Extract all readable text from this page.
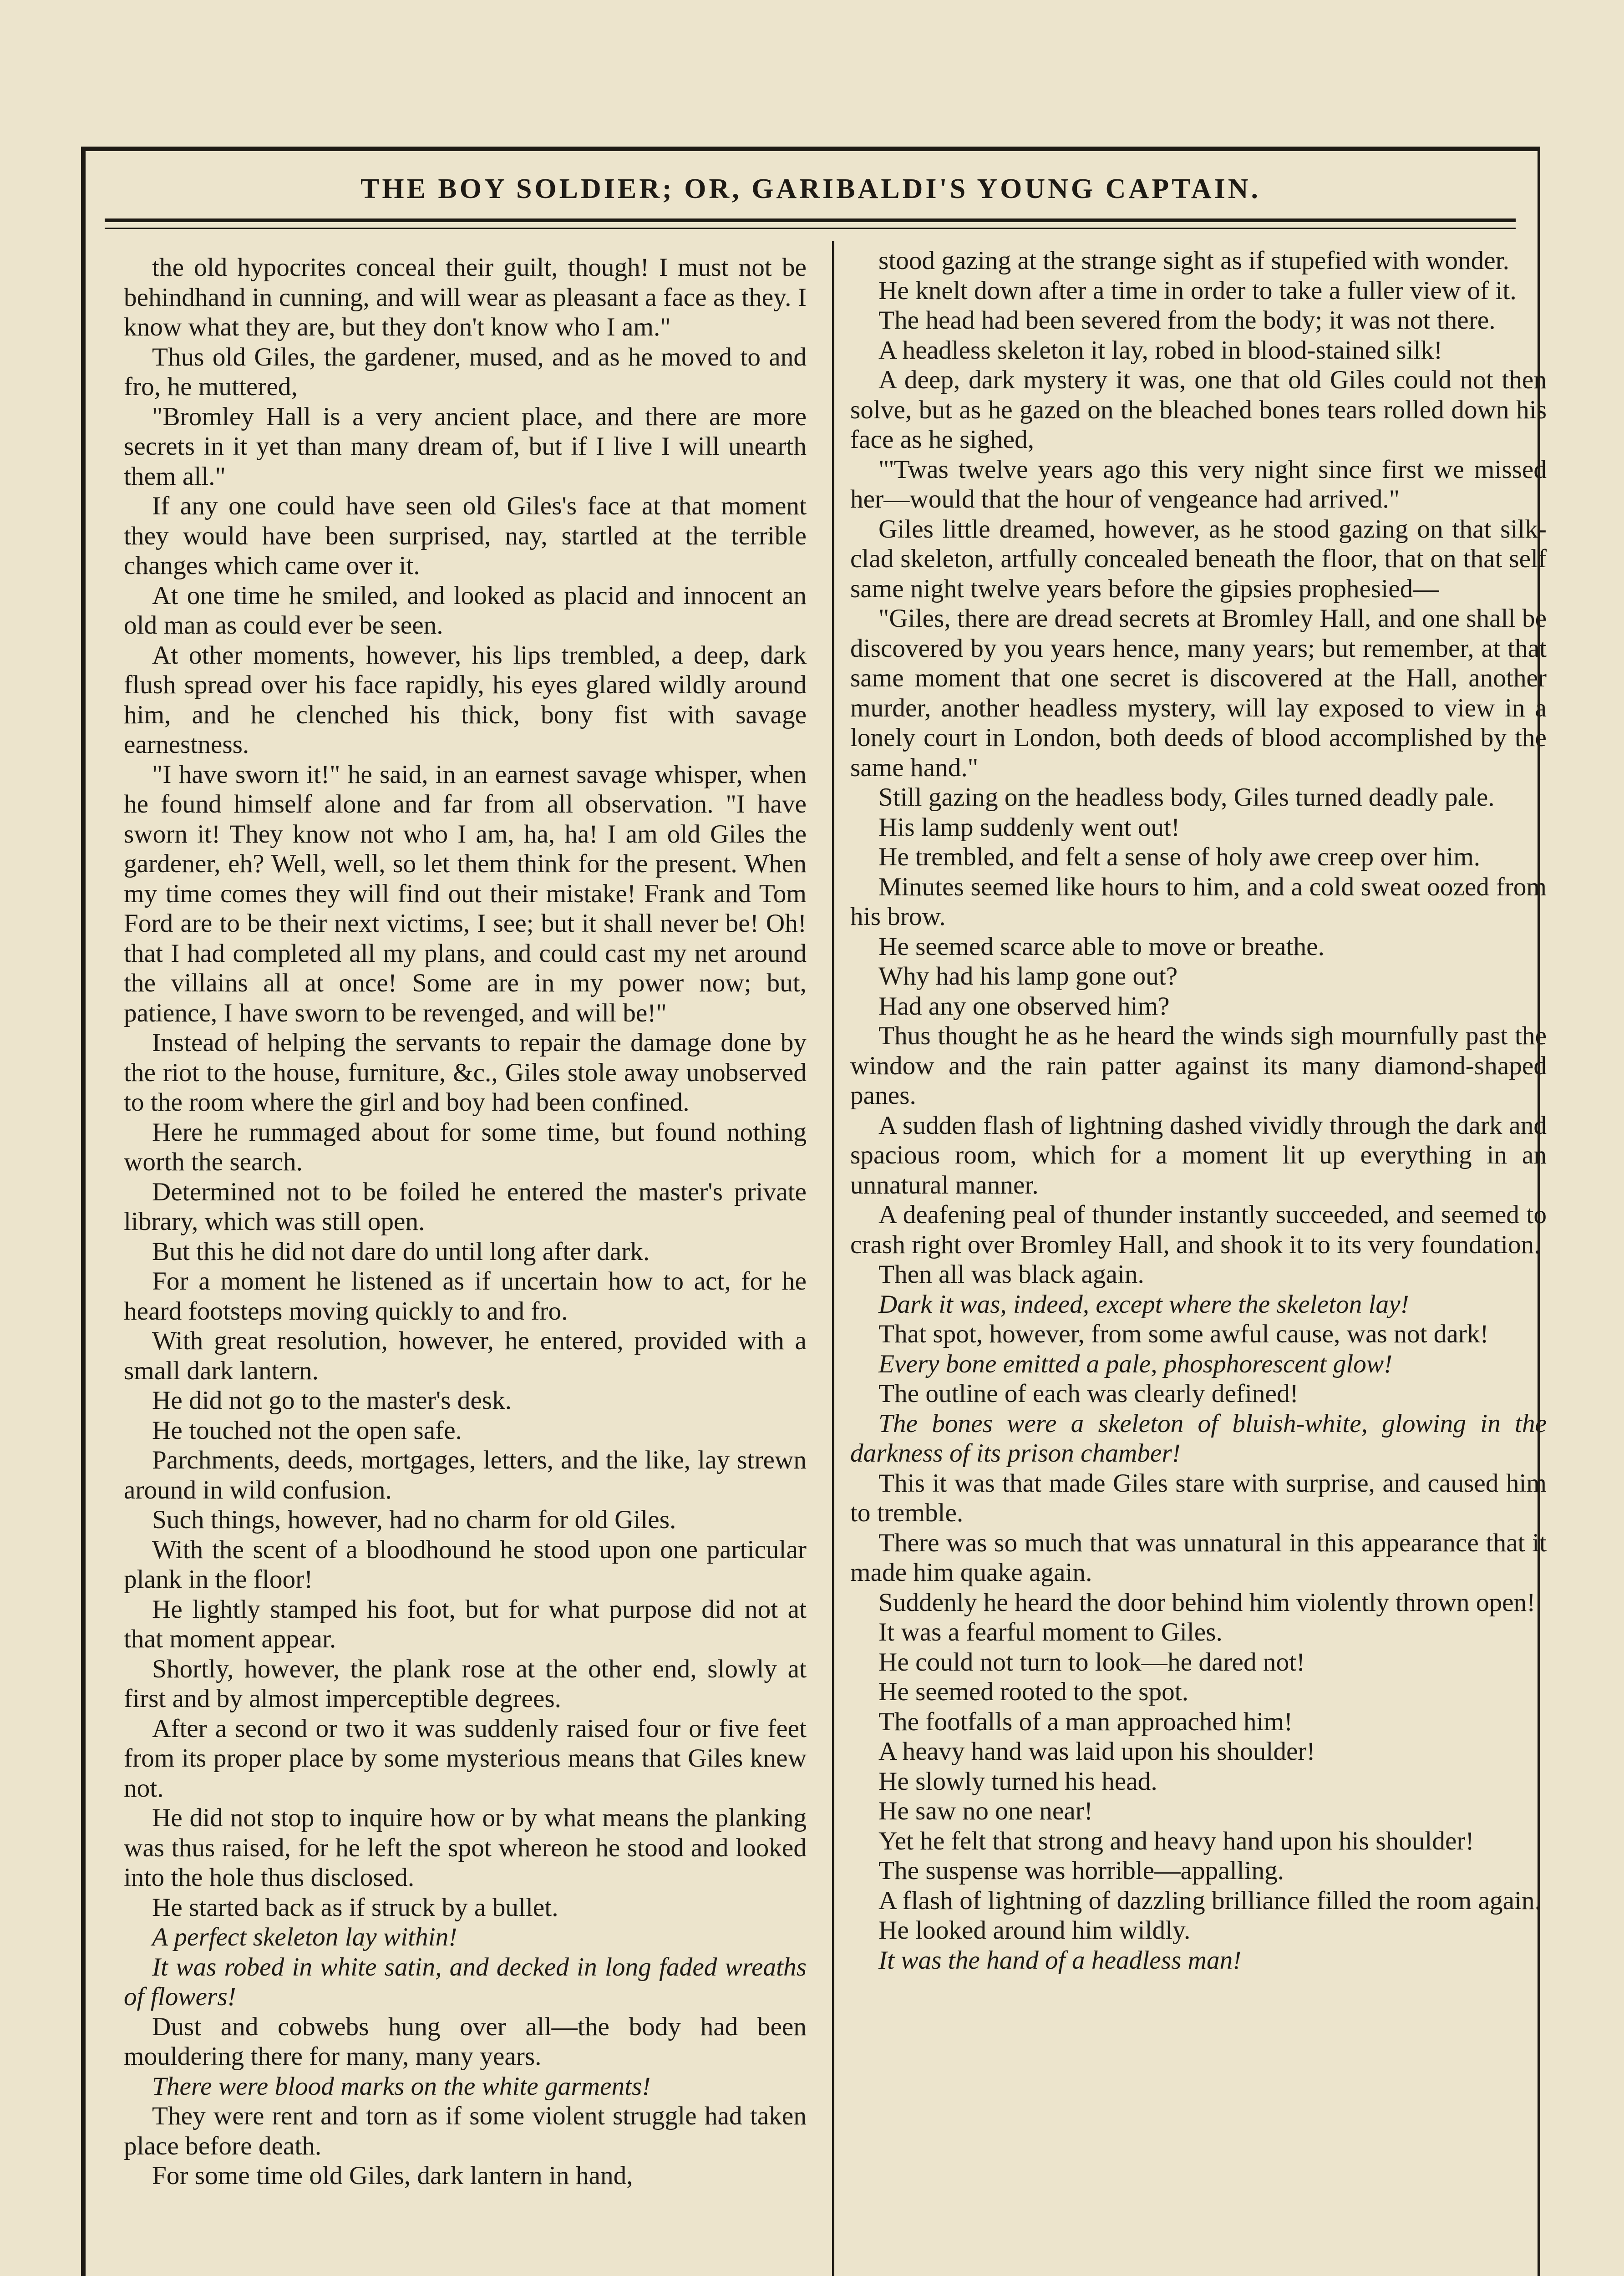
THE BOY SOLDIER; OR, GARIBALDI'S YOUNG CAPTAIN.

the old hypocrites conceal their guilt, though! I must not be behindhand in cunning, and will wear as pleasant a face as they. I know what they are, but they don't know who I am."

Thus old Giles, the gardener, mused, and as he moved to and fro, he muttered,

"Bromley Hall is a very ancient place, and there are more secrets in it yet than many dream of, but if I live I will unearth them all."

If any one could have seen old Giles's face at that moment they would have been surprised, nay, startled at the terrible changes which came over it.

At one time he smiled, and looked as placid and innocent an old man as could ever be seen.

At other moments, however, his lips trembled, a deep, dark flush spread over his face rapidly, his eyes glared wildly around him, and he clenched his thick, bony fist with savage earnestness.

"I have sworn it!" he said, in an earnest savage whisper, when he found himself alone and far from all observation. "I have sworn it! They know not who I am, ha, ha! I am old Giles the gardener, eh? Well, well, so let them think for the present. When my time comes they will find out their mistake! Frank and Tom Ford are to be their next victims, I see; but it shall never be! Oh! that I had completed all my plans, and could cast my net around the villains all at once! Some are in my power now; but, patience, I have sworn to be revenged, and will be!"

Instead of helping the servants to repair the damage done by the riot to the house, furniture, &c., Giles stole away unobserved to the room where the girl and boy had been confined.

Here he rummaged about for some time, but found nothing worth the search.

Determined not to be foiled he entered the master's private library, which was still open.

But this he did not dare do until long after dark.

For a moment he listened as if uncertain how to act, for he heard footsteps moving quickly to and fro.

With great resolution, however, he entered, provided with a small dark lantern.

He did not go to the master's desk.

He touched not the open safe.

Parchments, deeds, mortgages, letters, and the like, lay strewn around in wild confusion.

Such things, however, had no charm for old Giles.

With the scent of a bloodhound he stood upon one particular plank in the floor!

He lightly stamped his foot, but for what purpose did not at that moment appear.

Shortly, however, the plank rose at the other end, slowly at first and by almost imperceptible degrees.

After a second or two it was suddenly raised four or five feet from its proper place by some mysterious means that Giles knew not.

He did not stop to inquire how or by what means the planking was thus raised, for he left the spot whereon he stood and looked into the hole thus disclosed.

He started back as if struck by a bullet.

A perfect skeleton lay within!

It was robed in white satin, and decked in long faded wreaths of flowers!

Dust and cobwebs hung over all—the body had been mouldering there for many, many years.

There were blood marks on the white garments!

They were rent and torn as if some violent struggle had taken place before death.

For some time old Giles, dark lantern in hand,

stood gazing at the strange sight as if stupefied with wonder.

He knelt down after a time in order to take a fuller view of it.

The head had been severed from the body; it was not there.

A headless skeleton it lay, robed in blood-stained silk!

A deep, dark mystery it was, one that old Giles could not then solve, but as he gazed on the bleached bones tears rolled down his face as he sighed,

"'Twas twelve years ago this very night since first we missed her—would that the hour of vengeance had arrived."

Giles little dreamed, however, as he stood gazing on that silk-clad skeleton, artfully concealed beneath the floor, that on that self same night twelve years before the gipsies prophesied—

"Giles, there are dread secrets at Bromley Hall, and one shall be discovered by you years hence, many years; but remember, at that same moment that one secret is discovered at the Hall, another murder, another headless mystery, will lay exposed to view in a lonely court in London, both deeds of blood accomplished by the same hand."

Still gazing on the headless body, Giles turned deadly pale.

His lamp suddenly went out!

He trembled, and felt a sense of holy awe creep over him.

Minutes seemed like hours to him, and a cold sweat oozed from his brow.

He seemed scarce able to move or breathe.

Why had his lamp gone out?

Had any one observed him?

Thus thought he as he heard the winds sigh mournfully past the window and the rain patter against its many diamond-shaped panes.

A sudden flash of lightning dashed vividly through the dark and spacious room, which for a moment lit up everything in an unnatural manner.

A deafening peal of thunder instantly succeeded, and seemed to crash right over Bromley Hall, and shook it to its very foundation.

Then all was black again.

Dark it was, indeed, except where the skeleton lay!

That spot, however, from some awful cause, was not dark!

Every bone emitted a pale, phosphorescent glow!

The outline of each was clearly defined!

The bones were a skeleton of bluish-white, glowing in the darkness of its prison chamber!

This it was that made Giles stare with surprise, and caused him to tremble.

There was so much that was unnatural in this appearance that it made him quake again.

Suddenly he heard the door behind him violently thrown open!

It was a fearful moment to Giles.

He could not turn to look—he dared not!

He seemed rooted to the spot.

The footfalls of a man approached him!

A heavy hand was laid upon his shoulder!

He slowly turned his head.

He saw no one near!

Yet he felt that strong and heavy hand upon his shoulder!

The suspense was horrible—appalling.

A flash of lightning of dazzling brilliance filled the room again.

He looked around him wildly.

It was the hand of a headless man!
